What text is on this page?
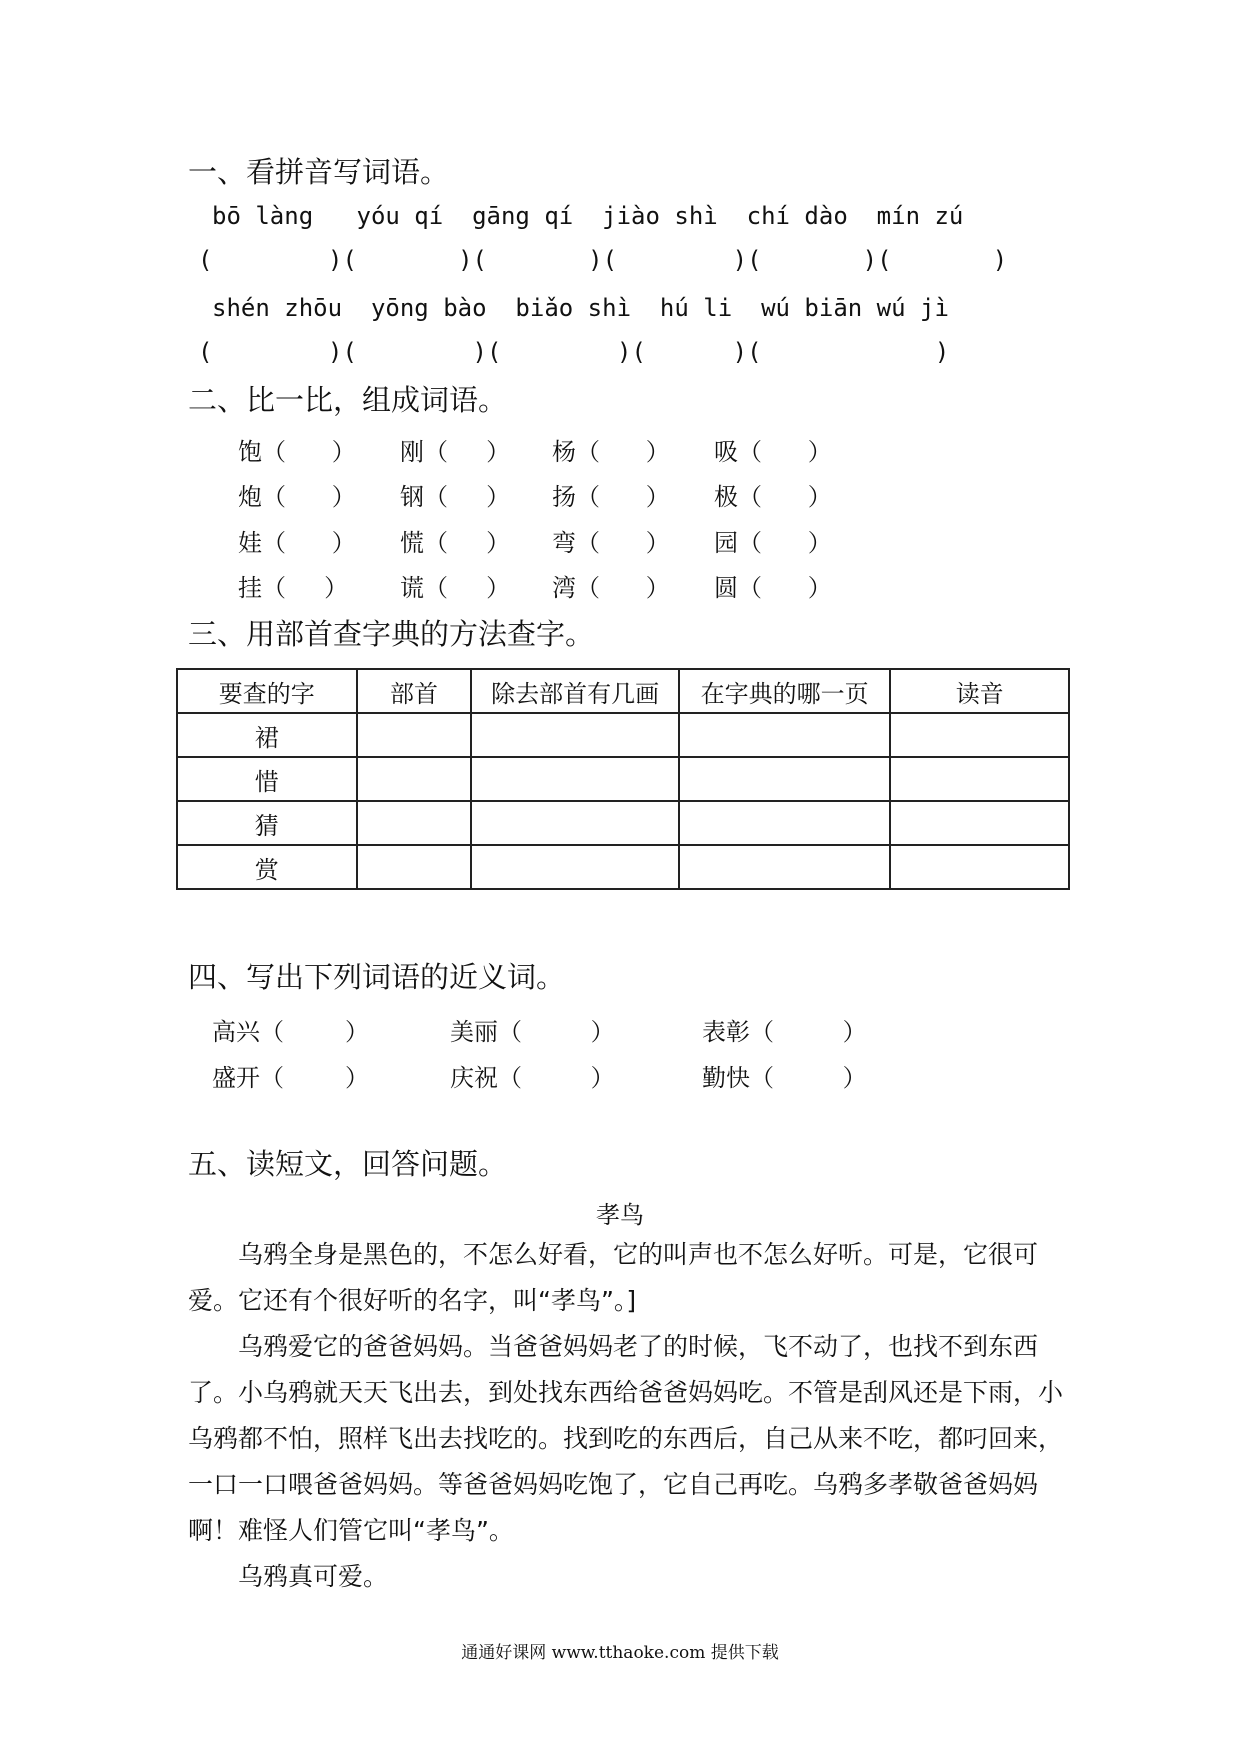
一、看拼音写词语。
bō làng   yóu qí  gāng qí  jiào shì  chí dào  mín zú
(        )(       )(       )(        )(       )(       )
shén zhōu  yōng bào  biǎo shì  hú li  wú biān wú jì
(        )(        )(        )(      )(            )
二、比一比，组成词语。
饱（      ） 刚（     ） 杨（      ） 吸（      ）
炮（      ） 钢（     ） 扬（      ） 极（      ）
娃（      ） 慌（     ） 弯（      ） 园（      ）
挂（     ） 谎（     ） 湾（      ） 圆（      ）
三、用部首查字典的方法查字。
要查的字	部首	除去部首有几画	在字典的哪一页	读音
裙				
惜				
猜				
赏				
四、写出下列词语的近义词。
高兴（        ）	美丽（         ）	表彰（         ）
盛开（        ）	庆祝（         ）	勤快（         ）
五、读短文，回答问题。
孝鸟

乌鸦全身是黑色的，不怎么好看，它的叫声也不怎么好听。可是，它很可爱。它还有个很好听的名字，叫“孝鸟”。]

乌鸦爱它的爸爸妈妈。当爸爸妈妈老了的时候，飞不动了，也找不到东西了。小乌鸦就天天飞出去，到处找东西给爸爸妈妈吃。不管是刮风还是下雨，小乌鸦都不怕，照样飞出去找吃的。找到吃的东西后，自己从来不吃，都叼回来，一口一口喂爸爸妈妈。等爸爸妈妈吃饱了，它自己再吃。乌鸦多孝敬爸爸妈妈啊！难怪人们管它叫“孝鸟”。

乌鸦真可爱。

通通好课网 www.tthaoke.com 提供下载
